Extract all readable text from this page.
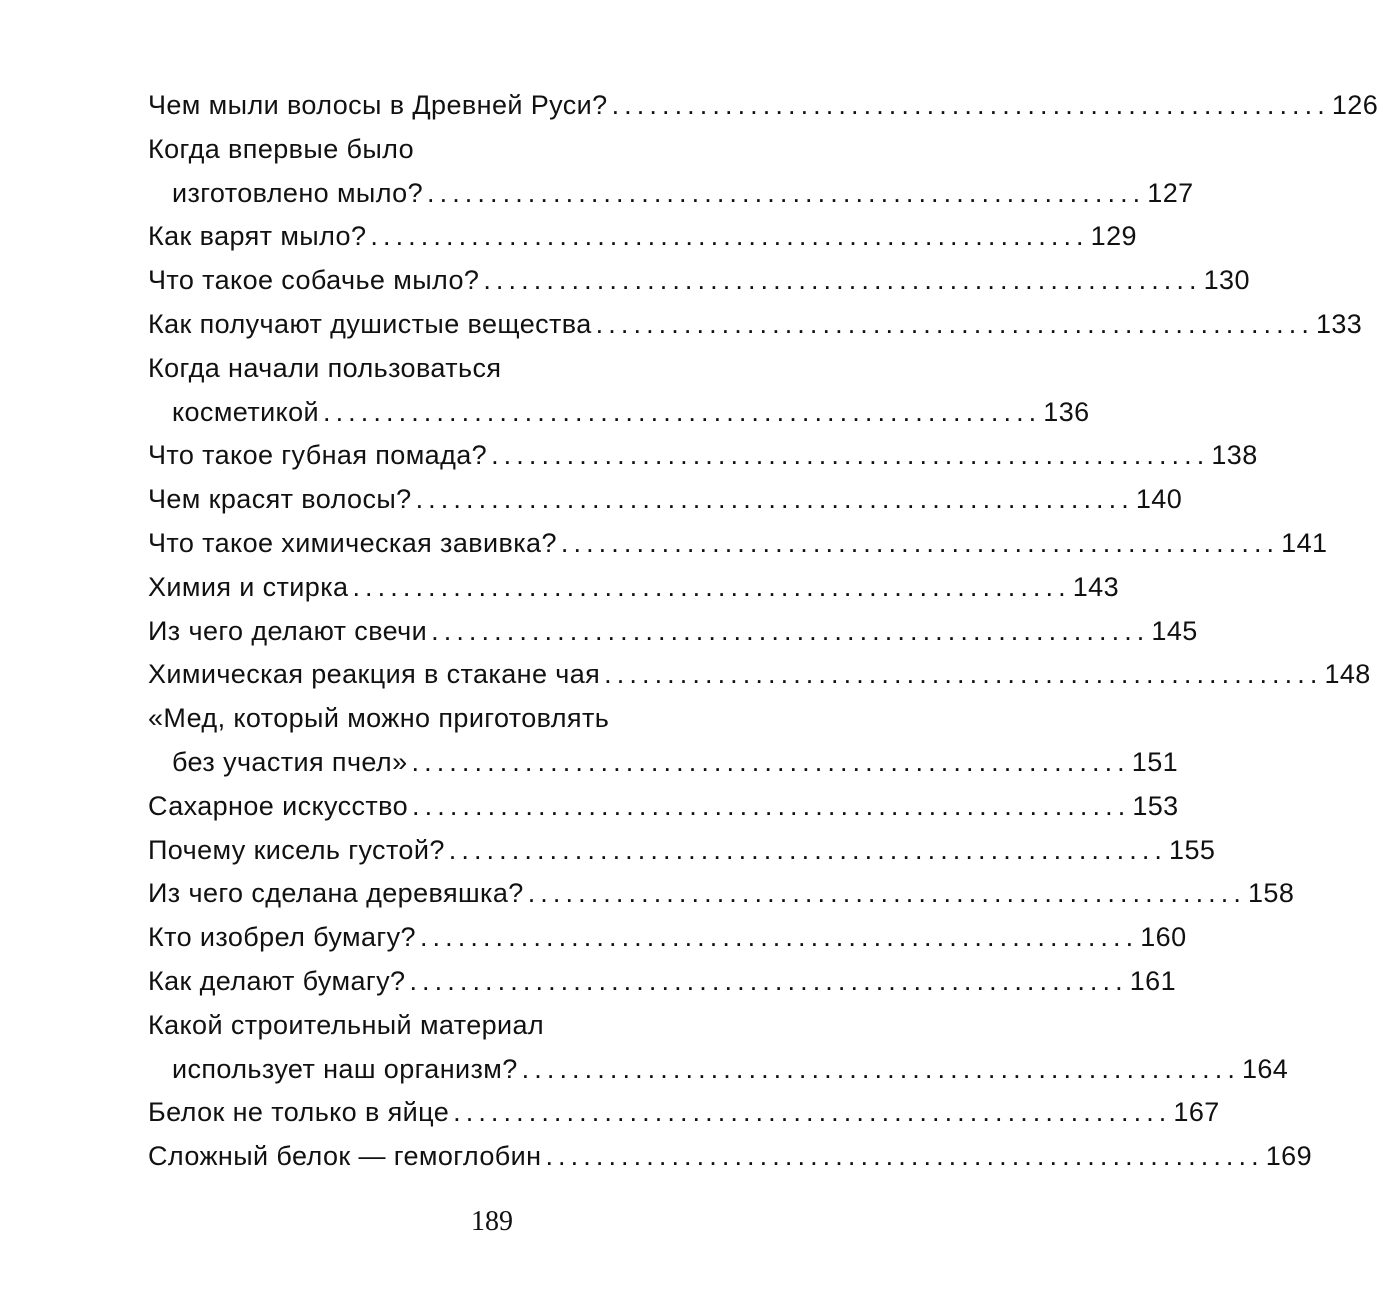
Чем мыли волосы в Древней Руси? ......................................................... 126
Когда впервые было
изготовлено мыло? ......................................................... 127
Как варят мыло? ......................................................... 129
Что такое собачье мыло? ......................................................... 130
Как получают душистые вещества ......................................................... 133
Когда начали пользоваться
косметикой ......................................................... 136
Что такое губная помада? ......................................................... 138
Чем красят волосы? ......................................................... 140
Что такое химическая завивка? ......................................................... 141
Химия и стирка ......................................................... 143
Из чего делают свечи ......................................................... 145
Химическая реакция в стакане чая ......................................................... 148
«Мед, который можно приготовлять
без участия пчел» ......................................................... 151
Сахарное искусство ......................................................... 153
Почему кисель густой? ......................................................... 155
Из чего сделана деревяшка? ......................................................... 158
Кто изобрел бумагу? ......................................................... 160
Как делают бумагу? ......................................................... 161
Какой строительный материал
использует наш организм? ......................................................... 164
Белок не только в яйце ......................................................... 167
Сложный белок — гемоглобин ......................................................... 169
189
